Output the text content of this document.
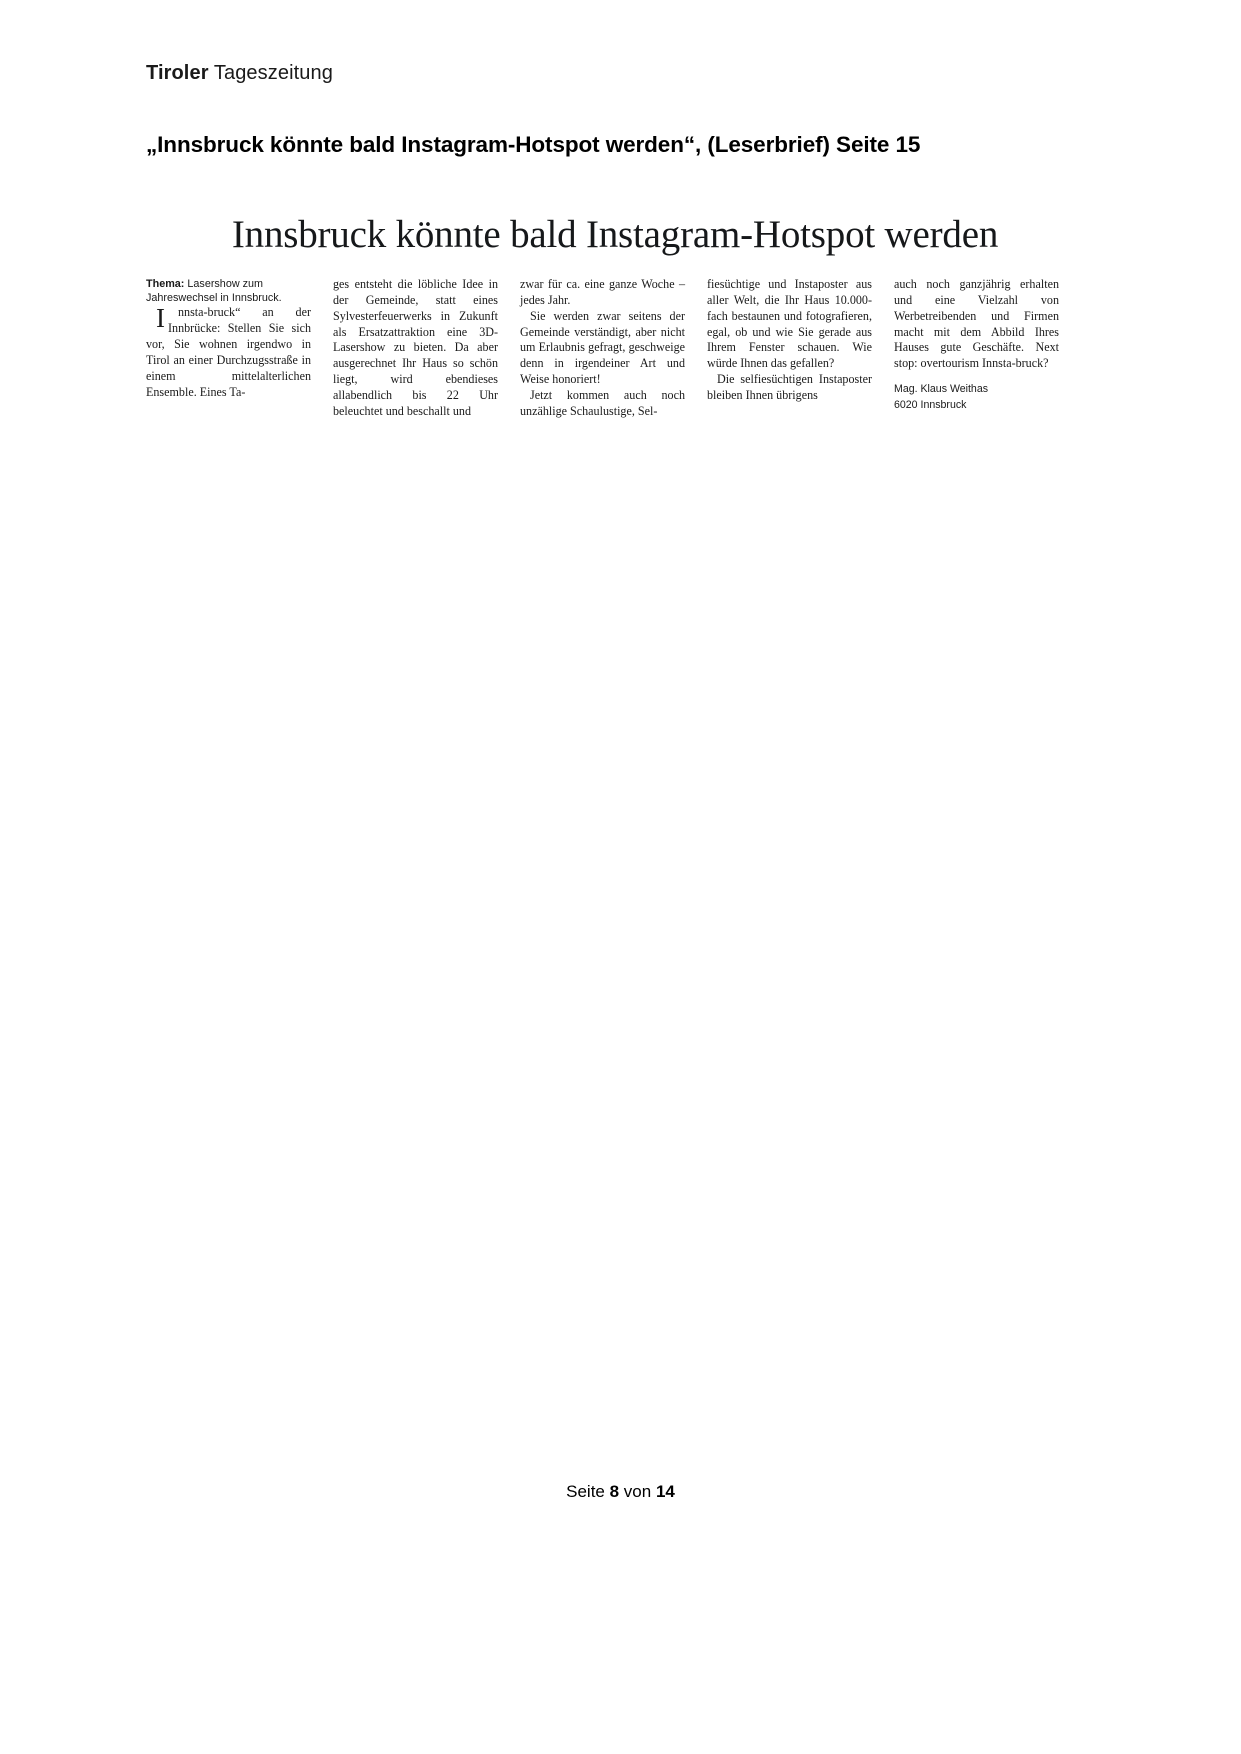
Tiroler Tageszeitung
„Innsbruck könnte bald Instagram-Hotspot werden“, (Leserbrief) Seite 15
Innsbruck könnte bald Instagram-Hotspot werden

Thema: Lasershow zum Jahreswechsel in Innsbruck.

I nnsta-bruck“ an der Innbrücke: Stellen Sie sich vor, Sie wohnen irgendwo in Tirol an einer Durchzugsstraße in einem mittelalterlichen Ensemble. Eines Ta-

ges entsteht die löbliche Idee in der Gemeinde, statt eines Sylvesterfeuerwerks in Zukunft als Ersatzattraktion eine 3D-Lasershow zu bieten. Da aber ausgerechnet Ihr Haus so schön liegt, wird ebendieses allabendlich bis 22 Uhr beleuchtet und beschallt und

zwar für ca. eine ganze Woche – jedes Jahr.

Sie werden zwar seitens der Gemeinde verständigt, aber nicht um Erlaubnis gefragt, geschweige denn in irgendeiner Art und Weise honoriert!

Jetzt kommen auch noch unzählige Schaulustige, Sel-

fiesüchtige und Instaposter aus aller Welt, die Ihr Haus 10.000-fach bestaunen und fotografieren, egal, ob und wie Sie gerade aus Ihrem Fenster schauen. Wie würde Ihnen das gefallen?

Die selfiesüchtigen Instaposter bleiben Ihnen übrigens

auch noch ganzjährig erhalten und eine Vielzahl von Werbetreibenden und Firmen macht mit dem Abbild Ihres Hauses gute Geschäfte. Next stop: overtourism Innsta-bruck?

Mag. Klaus Weithas
6020 Innsbruck
Seite 8 von 14
